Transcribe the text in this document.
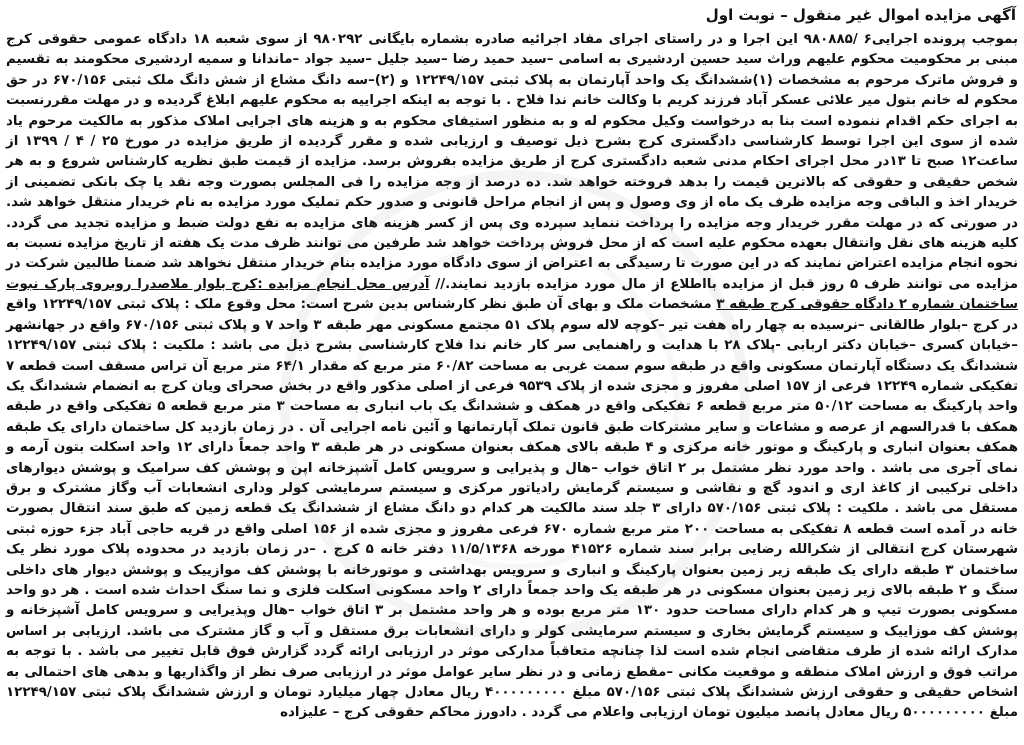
آگهی مزایده اموال غیر منقول – نوبت اول

بموجب پرونده اجرایی۶ /۹۸۰۸۸۵ این اجرا و در راستای اجرای مفاد اجرائیه صادره بشماره بایگانی ۹۸۰۲۹۲ از سوی شعبه ۱۸ دادگاه عمومی حقوقی کرج مبنی بر محکومیت محکوم علیهم وراث سید حسین اردشیری به اسامی –سید حمید رضا –سید جلیل –سید جواد –ماندانا و سمیه اردشیری محکومند به تقسیم و فروش ماترک مرحوم به مشخصات (۱)ششدانگ یک واحد آپارتمان به پلاک ثبتی ۱۲۲۴۹/۱۵۷ و (۲)–سه دانگ مشاع از شش دانگ ملک ثبتی ۶۷۰/۱۵۶ در حق محکوم له خانم بتول میر علائی عسکر آباد فرزند کریم با وکالت خانم ندا فلاح . با توجه به اینکه اجراییه به محکوم علیهم ابلاغ گردیده و در مهلت مقررنسبت به اجرای حکم اقدام ننموده است بنا به درخواست وکیل محکوم له و به منظور استیفای محکوم به و هزینه های اجرایی املاک مذکور به مالکیت مرحوم یاد شده از سوی این اجرا توسط کارشناسی دادگستری کرج بشرح ذیل توصیف و ارزیابی شده و مقرر گردیده از طریق مزایده در مورخ ۲۵ / ۴ / ۱۳۹۹ از ساعت۱۲ صبح تا ۱۳در محل اجرای احکام مدنی شعبه دادگستری کرج از طریق مزایده بفروش برسد. مزایده از قیمت طبق نظریه کارشناس شروع و به هر شخص حقیقی و حقوقی که بالاترین قیمت را بدهد فروخته خواهد شد. ده درصد از وجه مزایده را فی المجلس بصورت وجه نقد یا چک بانکی تضمینی از خریدار اخذ و الباقی وجه مزایده ظرف یک ماه از وی وصول و پس از انجام مراحل قانونی و صدور حکم تملیک مورد مزایده به نام خریدار منتقل خواهد شد. در صورتی که در مهلت مقرر خریدار وجه مزایده را پرداخت ننماید سپرده وی پس از کسر هزینه های مزایده به نفع دولت ضبط و مزایده تجدید می گردد. کلیه هزینه های نقل وانتقال بعهده محکوم علیه است که از محل فروش پرداخت خواهد شد طرفین می توانند ظرف مدت یک هفته از تاریخ مزایده نسبت به نحوه انجام مزایده اعتراض نمایند که در این صورت تا رسیدگی به اعتراض از سوی دادگاه مورد مزایده بنام خریدار منتقل نخواهد شد ضمنا طالبین شرکت در مزایده می توانند ظرف ۵ روز قبل از مزایده بااطلاع از مال مورد مزایده بازدید نمایند.// آدرس محل انجام مزایده :کرج بلوار ملاصدرا روبروی پارک نبوت ساختمان شماره ۲ دادگاه حقوقی کرج طبقه ۳ مشخصات ملک و بهای آن طبق نظر کارشناس بدین شرح است: محل وقوع ملک : پلاک ثبتی ۱۲۲۴۹/۱۵۷ واقع در کرج –بلوار طالقانی –نرسیده به چهار راه هفت تیر –کوچه لاله سوم پلاک ۵۱ مجتمع مسکونی مهر طبقه ۳ واحد ۷ و پلاک ثبتی ۶۷۰/۱۵۶ واقع در جهانشهر –خیابان کسری –خیابان دکتر اربابی -پلاک ۲۸ با هدایت و راهنمایی سر کار خانم ندا فلاح کارشناسی بشرح ذیل می باشد : ملکیت : پلاک ثبتی ۱۲۲۴۹/۱۵۷ ششدانگ یک دستگاه آپارتمان مسکونی واقع در طبقه سوم سمت غربی به مساحت ۶۰/۸۲ متر مربع که مقدار ۶۴/۱ متر مربع آن تراس مسقف است قطعه ۷ تفکیکی شماره ۱۲۲۴۹ فرعی از ۱۵۷ اصلی مفروز و مجزی شده از پلاک ۹۵۳۹ فرعی از اصلی مذکور واقع در بخش صحرای ویان کرج به انضمام ششدانگ یک واحد پارکینگ به مساحت ۵۰/۱۲ متر مربع قطعه ۶ تفکیکی واقع در همکف و ششدانگ یک باب انباری به مساحت ۳ متر مربع قطعه ۵ تفکیکی واقع در طبقه همکف با قدرالسهم از عرصه و مشاعات و سایر مشترکات طبق قانون تملک آپارتمانها و آئین نامه اجرایی آن . در زمان بازدید کل ساختمان دارای یک طبقه همکف بعنوان انباری و پارکینگ و موتور خانه مرکزی و ۴ طبقه بالای همکف بعنوان مسکونی در هر طبقه ۳ واحد جمعاً دارای ۱۲ واحد اسکلت بتون آرمه و نمای آجری می باشد . واحد مورد نظر مشتمل بر ۲ اتاق خواب –هال و پذیرایی و سرویس کامل آشپزخانه اپن و پوشش کف سرامیک و پوشش دیوارهای داخلی ترکیبی از کاغذ اری و اندود گچ و نقاشی و سیستم گرمایش رادیاتور مرکزی و سیستم سرمایشی کولر وداری انشعابات آب وگاز مشترک و برق مستقل می باشد . ملکیت : پلاک ثبتی ۵۷۰/۱۵۶ دارای ۳ جلد سند مالکیت هر کدام دو دانگ مشاع از ششدانگ یک قطعه زمین که طبق سند انتقال بصورت خانه در آمده است قطعه ۸ تفکیکی به مساحت ۲۰۰ متر مربع شماره ۶۷۰ فرعی مفروز و مجزی شده از ۱۵۶ اصلی واقع در قریه حاجی آباد جزء حوزه ثبتی شهرستان کرج انتقالی از شکرالله رضایی برابر سند شماره ۴۱۵۲۶ مورخه ۱۱/۵/۱۳۶۸ دفتر خانه ۵ کرج . –در زمان بازدید در محدوده پلاک مورد نظر یک ساختمان ۳ طبقه دارای یک طبقه زیر زمین بعنوان پارکینگ و انباری و سرویس بهداشتی و موتورخانه با پوشش کف موازییک و پوشش دیوار های داخلی سنگ و ۲ طبقه بالای زیر زمین بعنوان مسکونی در هر طبقه یک واحد جمعاً دارای ۲ واحد مسکونی اسکلت فلزی و نما سنگ احداث شده است . هر دو واحد مسکونی بصورت تیپ و هر کدام دارای مساحت حدود ۱۳۰ متر مربع بوده و هر واحد مشتمل بر ۳ اتاق خواب –هال وپذیرایی و سرویس کامل آشپزخانه و پوشش کف موزاییک و سیستم گرمایش بخاری و سیستم سرمایشی کولر و دارای انشعابات برق مستقل و آب و گاز مشترک می باشد. ارزیابی بر اساس مدارک ارائه شده از طرف متقاضی انجام شده است لذا چنانچه متعاقباً مدارکی موثر در ارزیابی ارائه گردد گزارش فوق قابل تغییر می باشد . با توجه به مراتب فوق و ارزش املاک منطقه و موقعیت مکانی –مقطع زمانی و در نظر سایر عوامل موثر در ارزیابی صرف نظر از واگذاریها و بدهی های احتمالی به اشخاص حقیقی و حقوقی ارزش ششدانگ پلاک ثبتی ۵۷۰/۱۵۶ مبلغ ۴۰۰۰۰۰۰۰۰۰ ریال معادل چهار میلیارد تومان و ارزش ششدانگ پلاک ثبتی ۱۲۲۴۹/۱۵۷ مبلغ ۵۰۰۰۰۰۰۰۰۰ ریال معادل پانصد میلیون تومان ارزیابی واعلام می گردد . دادورز محاکم حقوقی کرج – علیزاده
